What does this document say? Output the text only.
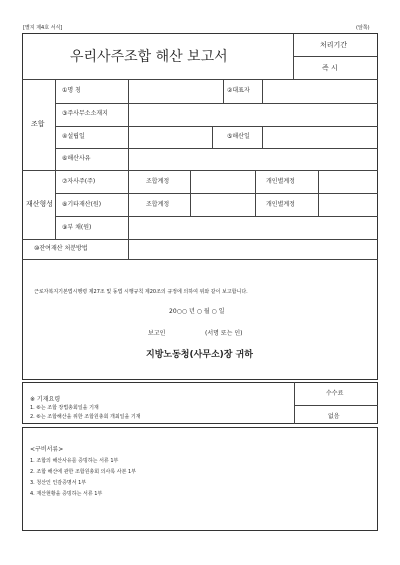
[별지 제4호 서식]	(앞쪽)
우리사주조합 해산 보고서
처리기간
즉 시
조합
①명 칭	②대표자
③주사무소소재지
④설립일	⑤해산일
⑥해산사유
재산형성
⑦자사주(주)	조합계정	개인별계정
⑧기타재산(원)	조합계정	개인별계정
⑨부 채(원)
⑩잔여재산 처분방법
근로자복지기본법시행령 제27조 및 동법 시행규칙 제20조의 규정에 의하여 위와 같이 보고합니다.
20○○ 년 ○ 월 ○ 일
보고인	(서명 또는 인)
지방노동청(사무소)장 귀하
※ 기재요령
1. ⑥는 조합 장법총회일을 기재
2. ⑥는 조합해산을 위한 조합원총회 개최일을 기재
수수료
없음
<구비서류>
1. 조합의 해산사유를 증빙하는 서류 1부
2. 조합 해산에 관한 조합원총회 의사록 사본 1부
3. 청산인 인감증명서 1부
4. 재산현황을 증빙하는 서류 1부
